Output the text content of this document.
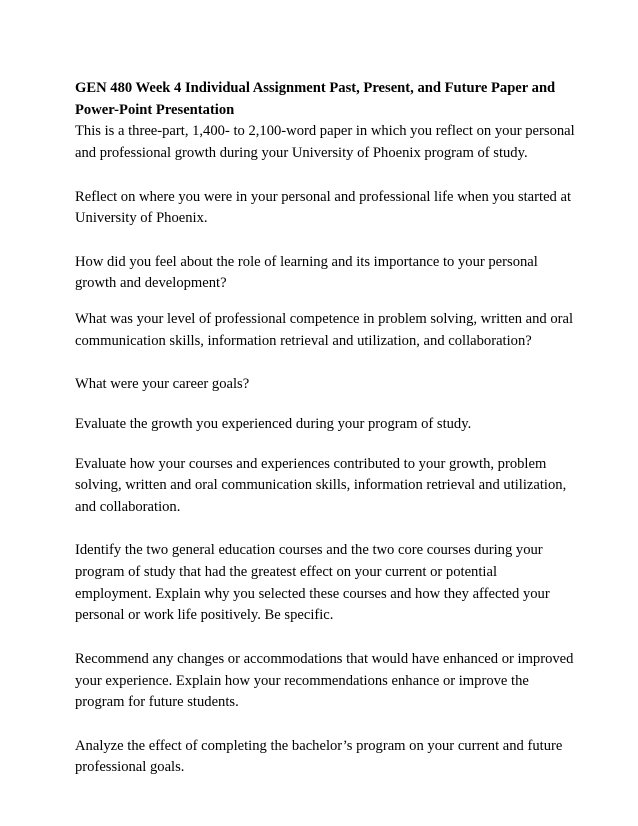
GEN 480 Week 4 Individual Assignment Past, Present, and Future Paper and Power-Point Presentation

This is a three-part, 1,400- to 2,100-word paper in which you reflect on your personal and professional growth during your University of Phoenix program of study.

Reflect on where you were in your personal and professional life when you started at University of Phoenix.

How did you feel about the role of learning and its importance to your personal growth and development?

What was your level of professional competence in problem solving, written and oral communication skills, information retrieval and utilization, and collaboration?

What were your career goals?

Evaluate the growth you experienced during your program of study.

Evaluate how your courses and experiences contributed to your growth, problem solving, written and oral communication skills, information retrieval and utilization, and collaboration.

Identify the two general education courses and the two core courses during your program of study that had the greatest effect on your current or potential employment. Explain why you selected these courses and how they affected your personal or work life positively. Be specific.

Recommend any changes or accommodations that would have enhanced or improved your experience. Explain how your recommendations enhance or improve the program for future students.

Analyze the effect of completing the bachelor’s program on your current and future professional goals.
